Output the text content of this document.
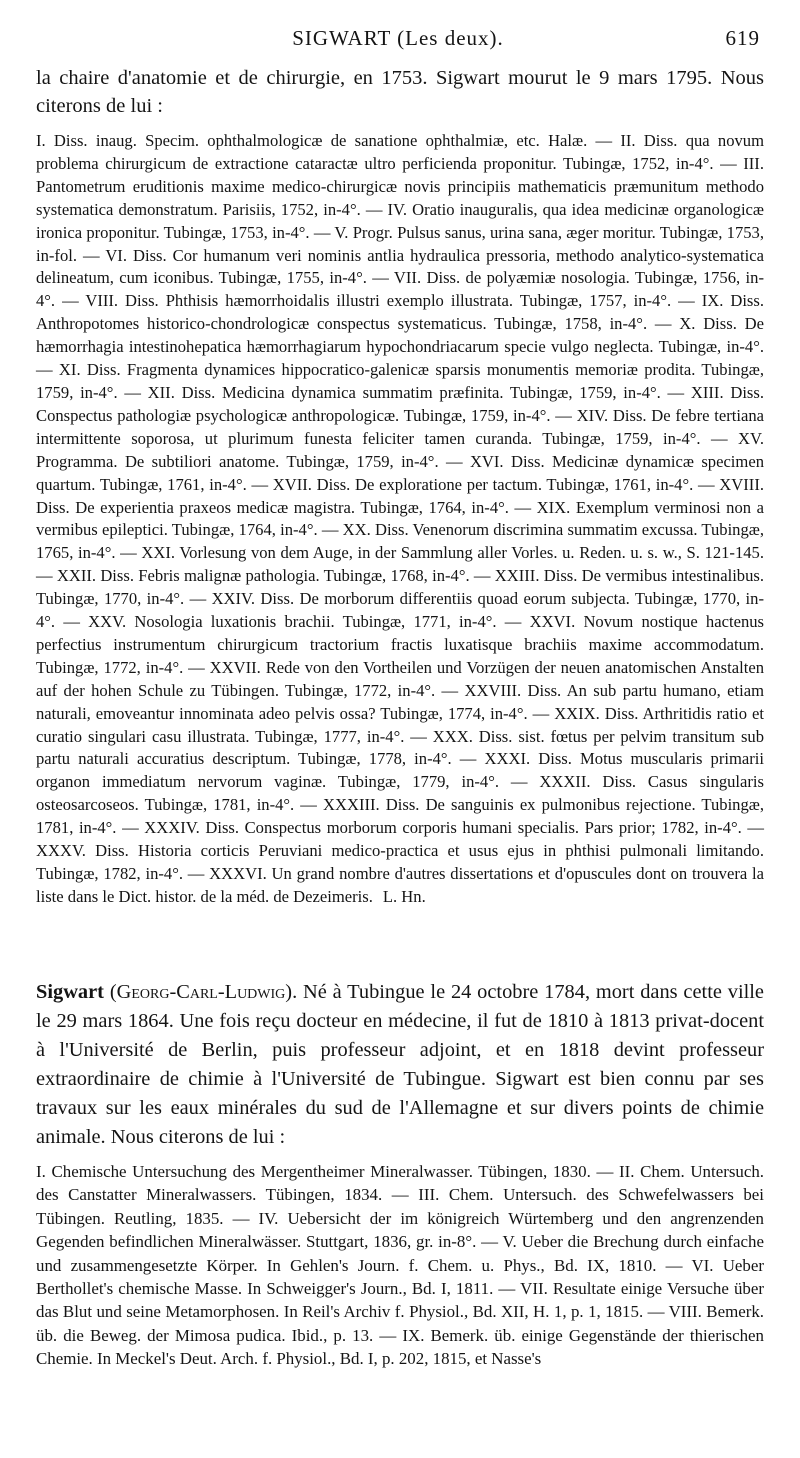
SIGWART (Les deux).	619
la chaire d'anatomie et de chirurgie, en 1753. Sigwart mourut le 9 mars 1795. Nous citerons de lui :

I. Diss. inaug. Specim. ophthalmologicæ de sanatione ophthalmiæ, etc. Halæ. — II. Diss. qua novum problema chirurgicum de extractione cataractæ ultro perficienda proponitur. Tubingæ, 1752, in-4°. — III. Pantometrum eruditionis maxime medico-chirurgicæ novis principiis mathematicis præmunitum methodo systematica demonstratum. Parisiis, 1752, in-4°. — IV. Oratio inauguralis, qua idea medicinæ organologicæ ironica proponitur. Tubingæ, 1753, in-4°. — V. Progr. Pulsus sanus, urina sana, æger moritur. Tubingæ, 1753, in-fol. — VI. Diss. Cor humanum veri nominis antlia hydraulica pressoria, methodo analytico-systematica delineatum, cum iconibus. Tubingæ, 1755, in-4°. — VII. Diss. de polyæmiæ nosologia. Tubingæ, 1756, in-4°. — VIII. Diss. Phthisis hæmorrhoidalis illustri exemplo illustrata. Tubingæ, 1757, in-4°. — IX. Diss. Anthropotomes historico-chondrologicæ conspectus systematicus. Tubingæ, 1758, in-4°. — X. Diss. De hæmorrhagia intestinohepatica hæmorrhagiarum hypochondriacarum specie vulgo neglecta. Tubingæ, in-4°. — XI. Diss. Fragmenta dynamices hippocratico-galenicæ sparsis monumentis memoriæ prodita. Tubingæ, 1759, in-4°. — XII. Diss. Medicina dynamica summatim præfinita. Tubingæ, 1759, in-4°. — XIII. Diss. Conspectus pathologiæ psychologicæ anthropologicæ. Tubingæ, 1759, in-4°. — XIV. Diss. De febre tertiana intermittente soporosa, ut plurimum funesta feliciter tamen curanda. Tubingæ, 1759, in-4°. — XV. Programma. De subtiliori anatome. Tubingæ, 1759, in-4°. — XVI. Diss. Medicinæ dynamicæ specimen quartum. Tubingæ, 1761, in-4°. — XVII. Diss. De exploratione per tactum. Tubingæ, 1761, in-4°. — XVIII. Diss. De experientia praxeos medicæ magistra. Tubingæ, 1764, in-4°. — XIX. Exemplum verminosi non a vermibus epileptici. Tubingæ, 1764, in-4°. — XX. Diss. Venenorum discrimina summatim excussa. Tubingæ, 1765, in-4°. — XXI. Vorlesung von dem Auge, in der Sammlung aller Vorles. u. Reden. u. s. w., S. 121-145. — XXII. Diss. Febris malignæ pathologia. Tubingæ, 1768, in-4°. — XXIII. Diss. De vermibus intestinalibus. Tubingæ, 1770, in-4°. — XXIV. Diss. De morborum differentiis quoad eorum subjecta. Tubingæ, 1770, in-4°. — XXV. Nosologia luxationis brachii. Tubingæ, 1771, in-4°. — XXVI. Novum nostique hactenus perfectius instrumentum chirurgicum tractorium fractis luxatisque brachiis maxime accommodatum. Tubingæ, 1772, in-4°. — XXVII. Rede von den Vortheilen und Vorzügen der neuen anatomischen Anstalten auf der hohen Schule zu Tübingen. Tubingæ, 1772, in-4°. — XXVIII. Diss. An sub partu humano, etiam naturali, emoveantur innominata adeo pelvis ossa? Tubingæ, 1774, in-4°. — XXIX. Diss. Arthritidis ratio et curatio singulari casu illustrata. Tubingæ, 1777, in-4°. — XXX. Diss. sist. fœtus per pelvim transitum sub partu naturali accuratius descriptum. Tubingæ, 1778, in-4°. — XXXI. Diss. Motus muscularis primarii organon immediatum nervorum vaginæ. Tubingæ, 1779, in-4°. — XXXII. Diss. Casus singularis osteosarcoseos. Tubingæ, 1781, in-4°. — XXXIII. Diss. De sanguinis ex pulmonibus rejectione. Tubingæ, 1781, in-4°. — XXXIV. Diss. Conspectus morborum corporis humani specialis. Pars prior; 1782, in-4°. — XXXV. Diss. Historia corticis Peruviani medico-practica et usus ejus in phthisi pulmonali limitando. Tubingæ, 1782, in-4°. — XXXVI. Un grand nombre d'autres dissertations et d'opuscules dont on trouvera la liste dans le Dict. histor. de la méd. de Dezeimeris. L. Hn.

Sigwart (Georg-Carl-Ludwig). Né à Tubingue le 24 octobre 1784, mort dans cette ville le 29 mars 1864. Une fois reçu docteur en médecine, il fut de 1810 à 1813 privat-docent à l'Université de Berlin, puis professeur adjoint, et en 1818 devint professeur extraordinaire de chimie à l'Université de Tubingue. Sigwart est bien connu par ses travaux sur les eaux minérales du sud de l'Allemagne et sur divers points de chimie animale. Nous citerons de lui :

I. Chemische Untersuchung des Mergentheimer Mineralwasser. Tübingen, 1830. — II. Chem. Untersuch. des Canstatter Mineralwassers. Tübingen, 1834. — III. Chem. Untersuch. des Schwefelwassers bei Tübingen. Reutling, 1835. — IV. Uebersicht der im königreich Würtemberg und den angrenzenden Gegenden befindlichen Mineralwässer. Stuttgart, 1836, gr. in-8°. — V. Ueber die Brechung durch einfache und zusammengesetzte Körper. In Gehlen's Journ. f. Chem. u. Phys., Bd. IX, 1810. — VI. Ueber Berthollet's chemische Masse. In Schweigger's Journ., Bd. I, 1811. — VII. Resultate einige Versuche über das Blut und seine Metamorphosen. In Reil's Archiv f. Physiol., Bd. XII, H. 1, p. 1, 1815. — VIII. Bemerk. üb. die Beweg. der Mimosa pudica. Ibid., p. 13. — IX. Bemerk. üb. einige Gegenstände der thierischen Chemie. In Meckel's Deut. Arch. f. Physiol., Bd. I, p. 202, 1815, et Nasse's
